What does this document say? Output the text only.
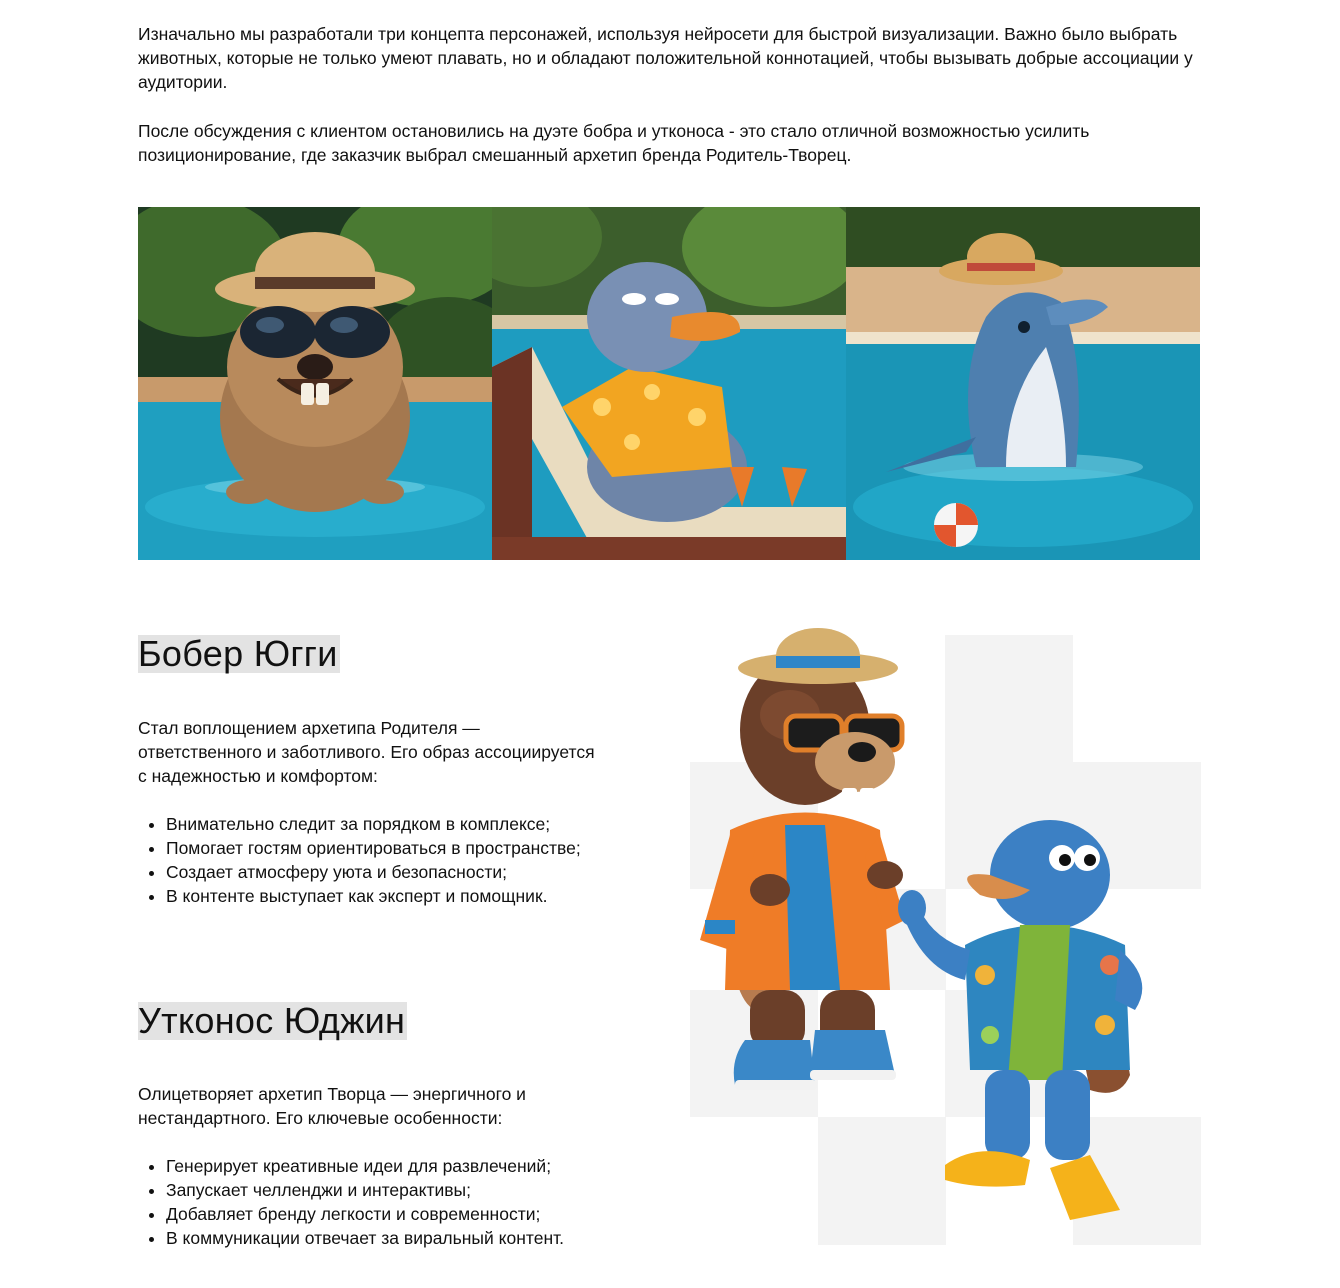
Изначально мы разработали три концепта персонажей, используя нейросети для быстрой визуализации. Важно было выбрать животных, которые не только умеют плавать, но и обладают положительной коннотацией, чтобы вызывать добрые ассоциации у аудитории.

После обсуждения с клиентом остановились на дуэте бобра и утконоса - это стало отличной возможностью усилить позиционирование, где заказчик выбрал смешанный архетип бренда Родитель-Творец.

Бобер Югги

Стал воплощением архетипа Родителя — ответственного и заботливого. Его образ ассоциируется с надежностью и комфортом:

• Внимательно следит за порядком в комплексе;
• Помогает гостям ориентироваться в пространстве;
• Создает атмосферу уюта и безопасности;
• В контенте выступает как эксперт и помощник.
Утконос Юджин

Олицетворяет архетип Творца — энергичного и нестандартного. Его ключевые особенности:

• Генерирует креативные идеи для развлечений;
• Запускает челленджи и интерактивы;
• Добавляет бренду легкости и современности;
• В коммуникации отвечает за виральный контент.
